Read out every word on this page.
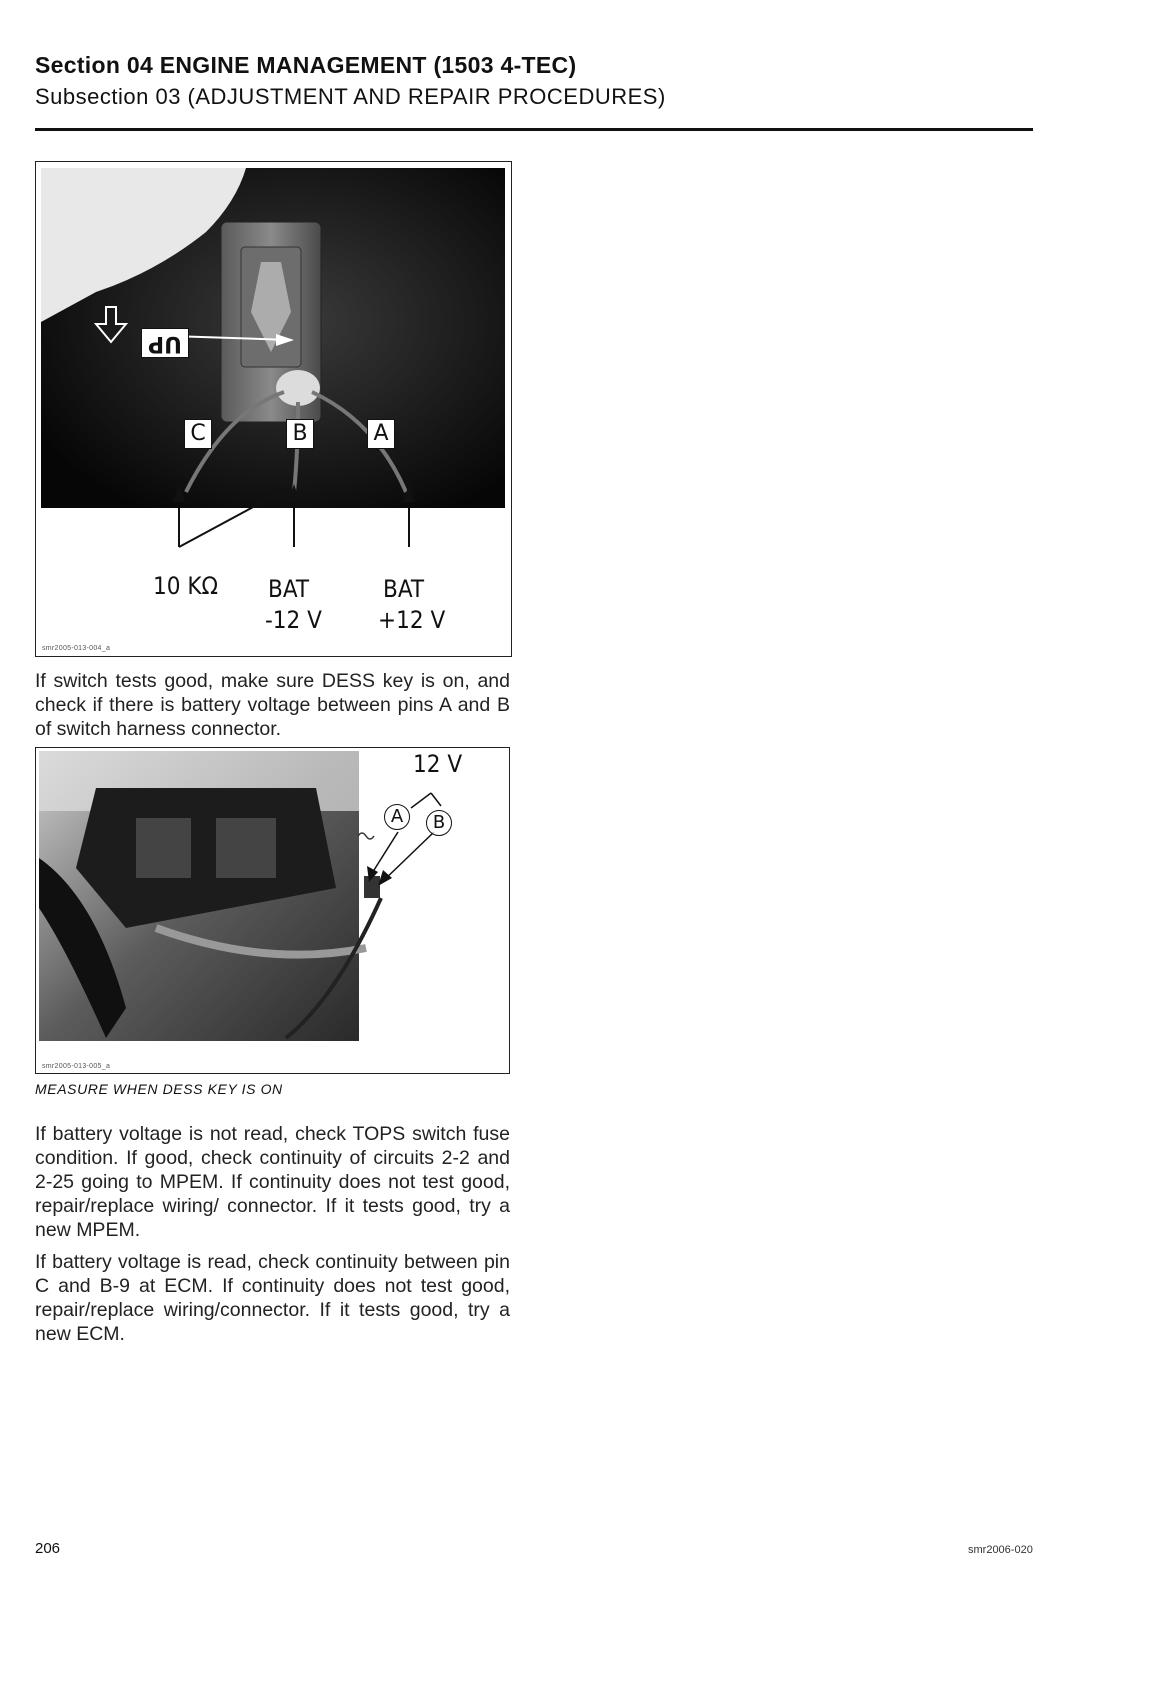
Section 04 ENGINE MANAGEMENT (1503 4-TEC)
Subsection 03 (ADJUSTMENT AND REPAIR PROCEDURES)
UP
C	B	A
10 KΩ BAT
-12 V
BAT
+12 V
smr2005-013-004_a
If switch tests good, make sure DESS key is on, and check if there is battery voltage between pins A and B of switch harness connector.
12 V
A	B
smr2005-013-005_a
MEASURE WHEN DESS KEY IS ON
If battery voltage is not read, check TOPS switch fuse condition. If good, check continuity of circuits 2-2 and 2-25 going to MPEM. If continuity does not test good, repair/replace wiring/ connector. If it tests good, try a new MPEM.
If battery voltage is read, check continuity between pin C and B-9 at ECM. If continuity does not test good, repair/replace wiring/connector. If it tests good, try a new ECM.
206	smr2006-020
